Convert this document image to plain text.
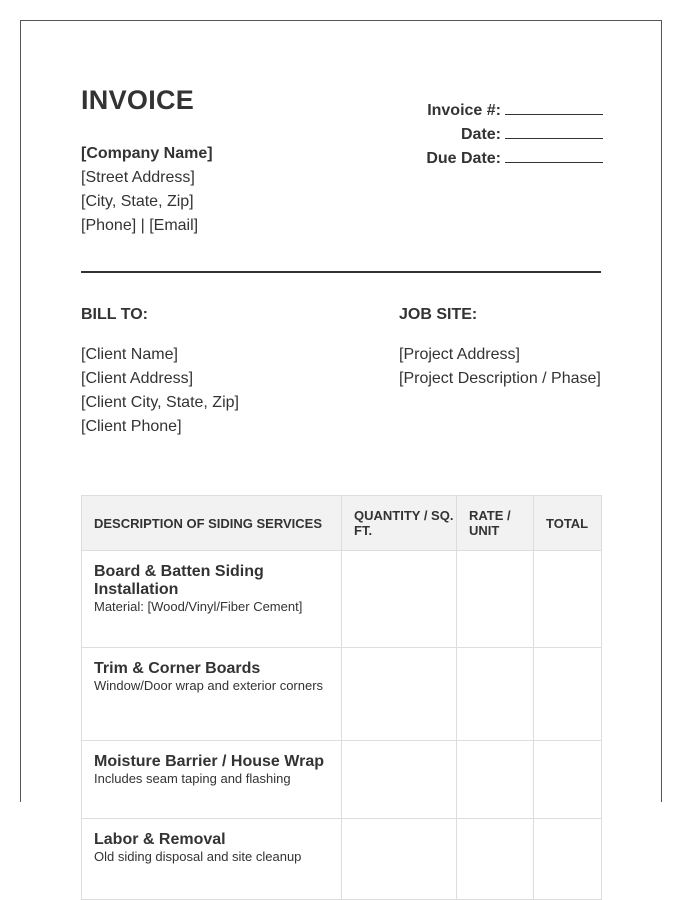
INVOICE
[Company Name]
[Street Address]
[City, State, Zip]
[Phone] | [Email]
Invoice #:
Date:
Due Date:
BILL TO:	JOB SITE:
[Client Name]
[Client Address]
[Client City, State, Zip]
[Client Phone]
[Project Address]
[Project Description / Phase]
DESCRIPTION OF SIDING SERVICES	QUANTITY / SQ. FT.	RATE / UNIT	TOTAL

Board & Batten Siding Installation
Material: [Wood/Vinyl/Fiber Cement]			

Trim & Corner Boards
Window/Door wrap and exterior corners			

Moisture Barrier / House Wrap
Includes seam taping and flashing			

Labor & Removal
Old siding disposal and site cleanup			
